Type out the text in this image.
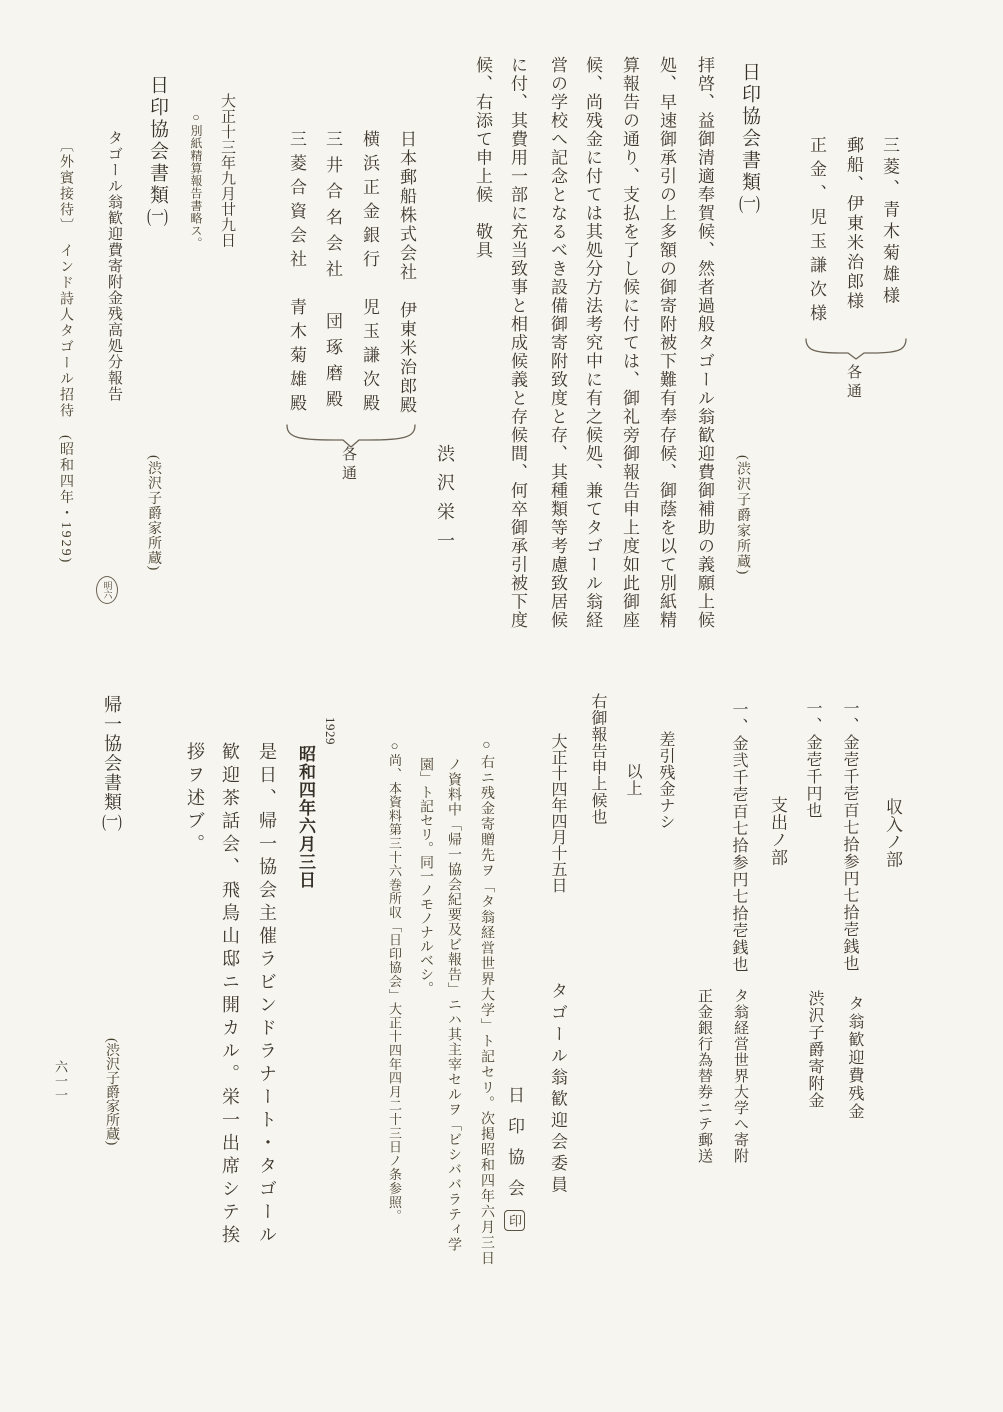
三菱、青木菊雄様
郵船、伊東米治郎様
正金、児玉謙次様
各通
日印協会書類(一)
(渋沢子爵家所蔵)
拝啓、益御清適奉賀候、然者過般タゴール翁歓迎費御補助の義願上候
処、早速御承引の上多額の御寄附被下難有奉存候、御蔭を以て別紙精
算報告の通り、支払を了し候に付ては、御礼旁御報告申上度如此御座
候、尚残金に付ては其処分方法考究中に有之候処、兼てタゴール翁経
営の学校へ記念となるべき設備御寄附致度と存、其種類等考慮致居候
に付、其費用一部に充当致事と相成候義と存候間、何卒御承引被下度
候、右添て申上候　敬具
渋沢栄一
日本郵船株式会社　伊東米治郎殿
横浜正金銀行　児玉謙次殿
三井合名会社　団琢磨殿
三菱合資会社　青木菊雄殿
各通
大正十三年九月廿九日
○別紙精算報告書略ス。
日印協会書類(一)
タゴール翁歓迎費寄附金残高処分報告
(渋沢子爵家所蔵)
〔外賓接待〕　インド詩人タゴール招待　(昭和四年・1929)
明六
収入ノ部
一、金壱千壱百七拾参円七拾壱銭也
タ翁歓迎費残金
一、金壱千円也
渋沢子爵寄附金
支出ノ部
一、金弐千壱百七拾参円七拾壱銭也
タ翁経営世界大学へ寄附
正金銀行為替券ニテ郵送
差引残金ナシ
以上
右御報告申上候也
大正十四年四月十五日
タゴール翁歓迎会委員
日印協会印
○右ニ残金寄贈先ヲ「タ翁経営世界大学」ト記セリ。次掲昭和四年六月三日
ノ資料中「帰一協会紀要及ビ報告」ニハ其主宰セルヲ「ビシババラティ学
園」ト記セリ。同一ノモノナルベシ。
○尚、本資料第三十六巻所収「日印協会」大正十四年四月二十三日ノ条参照。
1929
昭和四年六月三日
是日、帰一協会主催ラビンドラナート・タゴール
歓迎茶話会、飛鳥山邸ニ開カル。栄一出席シテ挨
拶ヲ述ブ。
帰一協会書類(一)
(渋沢子爵家所蔵)
六一一
